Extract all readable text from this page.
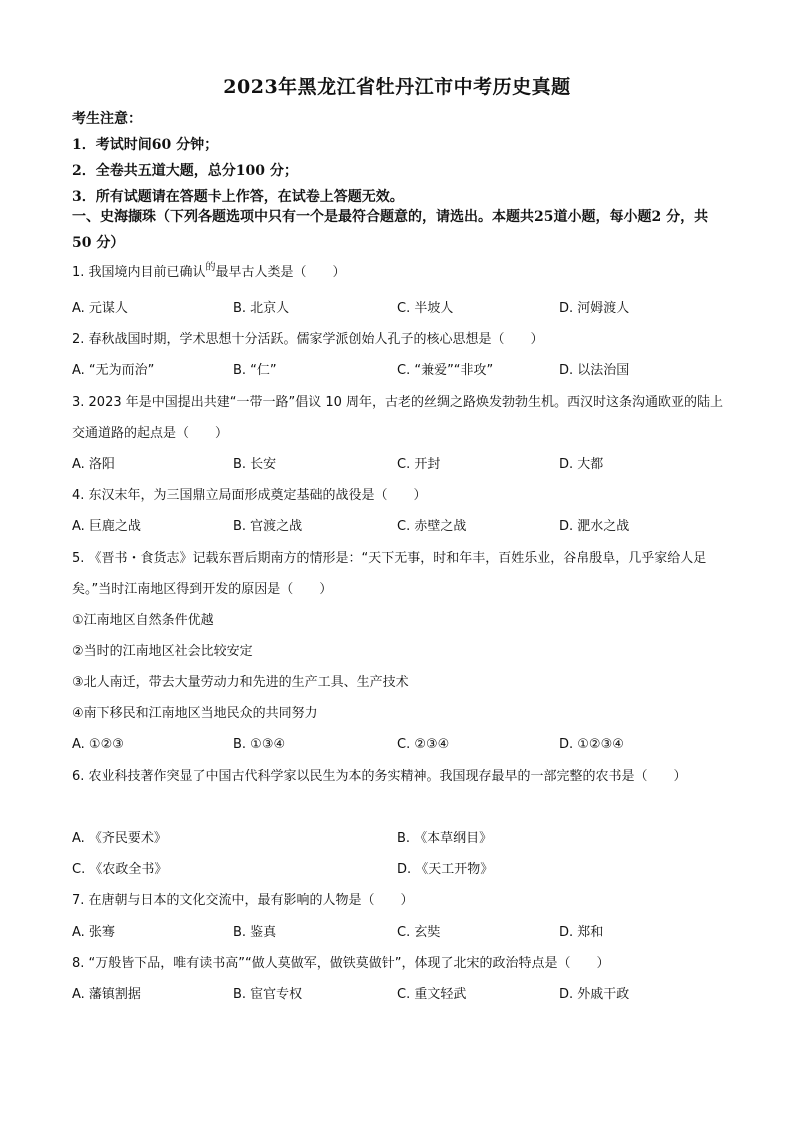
2023年黑龙江省牡丹江市中考历史真题
考生注意：
1．考试时间60 分钟；
2．全卷共五道大题，总分100 分；
3．所有试题请在答题卡上作答，在试卷上答题无效。
一、史海撷珠（下列各题选项中只有一个是最符合题意的，请选出。本题共25道小题，每小题2 分，共50 分）
1. 我国境内目前已确认$^的$最早古人类是（　　）
A. 元谋人	B. 北京人	C. 半坡人	D. 河姆渡人
2. 春秋战国时期，学术思想十分活跃。儒家学派创始人孔子的核心思想是（　　）
A. “无为而治”	B. “仁”	C. “兼爱”“非攻”	D. 以法治国
3. 2023 年是中国提出共建“一带一路”倡议 10 周年，古老的丝绸之路焕发勃勃生机。西汉时这条沟通欧亚的陆上交通道路的起点是（　　）
A. 洛阳	B. 长安	C. 开封	D. 大都
4. 东汉末年，为三国鼎立局面形成奠定基础的战役是（　　）
A. 巨鹿之战	B. 官渡之战	C. 赤壁之战	D. 淝水之战
5. 《晋书・食货志》记载东晋后期南方的情形是：“天下无事，时和年丰，百姓乐业，谷帛殷阜，几乎家给人足矣。”当时江南地区得到开发的原因是（　　）
①江南地区自然条件优越
②当时的江南地区社会比较安定
③北人南迁，带去大量劳动力和先进的生产工具、生产技术
④南下移民和江南地区当地民众的共同努力
A. ①②③	B. ①③④	C. ②③④	D. ①②③④
6. 农业科技著作突显了中国古代科学家以民生为本的务实精神。我国现存最早的一部完整的农书是（　　）
A. 《齐民要术》	B. 《本草纲目》
C. 《农政全书》	D. 《天工开物》
7. 在唐朝与日本的文化交流中，最有影响的人物是（　　）
A. 张骞	B. 鉴真	C. 玄奘	D. 郑和
8. “万般皆下品，唯有读书高”“做人莫做军，做铁莫做针”，体现了北宋的政治特点是（　　）
A. 藩镇割据	B. 宦官专权	C. 重文轻武	D. 外戚干政
